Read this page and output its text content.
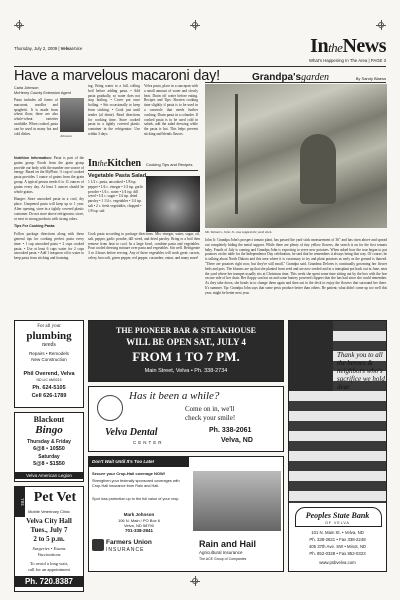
Thursday, July 2, 2009 | VelvaVoice	IntheNews
What's Happening In The Area | PAGE 3
Have a marvelous macaroni day!
Carla Johnson
McHenry County Extension Agent
Pasta includes all forms of macaroni, noodles and spaghetti. It is made from wheat flour; there are also whole-wheat varieties available. When cooked, pasta can be used in many hot and cold dishes.
Johnson

Nutrition Information: Pasta is part of the grains group. Foods from the grain group provide our body with the number one source of energy. Based on the MyPlate, ½ cup of cooked pasta provides 1 ounce of grains from the grain group. A typical person needs 6 to 11 ounces of grains every day. At least 3 ounces should be whole grains.

Hunger: Store uncooked pasta in a cool, dry place. Unopened pasta will keep up to 1 year. After opening, store in a tightly covered plastic container. Do not store above refrigerator, stove, or next to strong products with strong odors.

Tips For Cooking Pasta:

Follow package directions along with these general tips for cooking perfect pasta every time: • 1 cup uncooked pasta = 2 cups cooked pasta. • Use at least 6 cups water for 2 cups uncooked pasta. • Add 1 teaspoon oil to water to keep pasta from sticking and foaming.

ing. Bring water to a full, rolling boil before adding pasta. • Add pasta gradually, so water does not stop boiling. • Cover pot once boiling. • Stir occasionally to keep from sticking. • Cook just until tender (al dente). Read directions for cooking time. Store cooked pasta in a tightly covered plastic container in the refrigerator. Use within 3 days.
Velva pasta, place in a saucepan with a small amount of water and slowly heat. Drain off water before eating. Recipes and Tips: Shorten cooking time slightly if pasta is to be used in a casserole that needs further cooking. Drain pasta in a colander. If cooked pasta is to be used cold in salads, add the salad dressing while the pasta is hot. This helps prevent sticking and blends flavors.
IntheKitchen Cooking Tips and Recipes
Vegetable Pasta Salad
1 1/2 c. pasta, uncooked • 1/8 tsp. pepper • 1/4 c. vinegar • 1/2 tsp. garlic powder • 1/4 c. water • 1/4 tsp. dill weed • 1/4 c. sugar • 1/4 tsp. dried parsley • 1 1/4 c. vegetables • 1/4 tsp. salt • 2 c. fresh vegetables, chopped • 1/8 tsp. salt
Cook pasta according to package directions. Mix vinegar, water, sugar, oil, salt, pepper, garlic powder, dill weed, and dried parsley. Bring to a boil then remove from heat to cool. In a large bowl, combine pasta and vegetables. Pour cooled dressing mixture over pasta and vegetables. Stir well. Refrigerate 3 or 4 hours before serving. Any of these vegetables will work great: carrots, celery, broccoli, green pepper, red pepper, cucumber, onion, and many more!
Grandpa'sgarden	By Sandy Blaess
Mr. Talmers, John Jr., has topped the yard stick.
John Jr. Grandpa John's prospect tomato plant, has passed the yard stick measurement of 36" and has risen above and spread out completely hiding the metal support. While there are plenty of tiny yellow flowers, the search is on for the first tomato baby. Fourth of July is coming and Grandpa John is expecting to serve new potatoes. When asked how the tour began to put potatoes on the table for the Independence Day celebration, he said that he remembers it always being that way. Of course, he is talking about North Dakota and this area where it is customary to try and plant potatoes as early as the ground is thawed. "There are potatoes right now, but they're still small," Grandpa said. Grandma Delores is continually grooming her flower beds and pots. The blooms are up that she planted from seed and are now seeded and in a transplant pot back out in June, near the yard where her trumpet usually sits at Christmas time. This week she spent some time sitting out by the box with the hoe on one side of her chair. Her floppy sun hat on and some battery powered clippers that she has had since she could remember. As they take down, she heads in to change them again and then out to the deck to enjoy the flowers that surround her there. It's summer. Tip: Grandpa John says that some pests produce better than others. Be patient; what didn't come up too well this year, might be better next year.
For all your
plumbing
needs
Repairs • Remodels
New Construction
Phil Overend, Velva
ND LIC #M0215
Ph. 624-5105
Cell 626-1789
Blackout
Bingo
Thursday & Friday
6@8 • 10$50
Saturday
5@8 • $1$50
Velva American Legion
THE Pet Vet
Mobile Veterinary Clinic
Velva City Hall
Tues., July 7
2 to 5 p.m.
Surgeries • Exams
Vaccinations
To avoid a long wait,
call for an appointment
Ph. 720.8387
THE PIONEER BAR & STEAKHOUSE
WILL BE OPEN SAT., JULY 4
FROM 1 TO 7 PM.
Main Street, Velva • Ph. 338-2734
Has it been a while?
Come on in, we'll
check your smile!
Velva Dental
CENTER
Ph. 338-2061
Velva, ND
Don't Wait Until It's Too Late!
Secure your Crop-Hail coverage NOW!
Strengthen your federally sponsored coverages with Crop-Hail insurance from Rain and Hail.
Spot loss protection up to the full value of your crop.
Mark Johnson
106 N. Main / PO Box 6
Velva, ND 58790
701-338-2841
Farmers Union
INSURANCE
Rain and Hail
Agricultural Insurance
The ACE Group of Companies
Thank you to all the heroes & neighbors who's sacrifice we hold dear
Peoples State Bank
OF VELVA
101 N. Main St. • Velva, ND
Ph. 338-2821 • Fax 338-2248
405 37th Ave. SW • Minot, ND
Ph. 852-0328 • Fax 852-0323
www.psbvelva.com
